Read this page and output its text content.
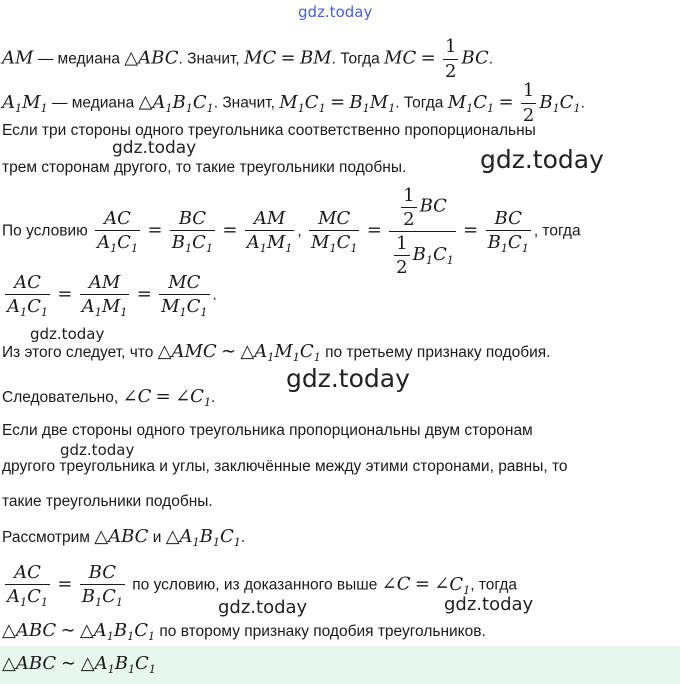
gdz.today
gdz.today	gdz.today
gdz.today
gdz.today
gdz.today
gdz.today	gdz.today
AM — медиана △ABC. Значит, MC = BM. Тогда MC = $\frac{1}{2}$ BC.
$A_1M_1$ — медиана $\triangle A_1B_1C_1$. Значит, $M_1C_1 = B_1M_1$. Тогда $M_1C_1 = \frac{1}{2} B_1C_1$.
Если три стороны одного треугольника соответственно пропорциональны
трем сторонам другого, то такие треугольники подобны.
По условию $\frac{AC}{A_1C_1} = \frac{BC}{B_1C_1} = \frac{AM}{A_1M_1}$ , $\frac{MC}{M_1C_1} = \frac{\frac{1}{2} BC}{\frac{1}{2} B_1C_1} = \frac{BC}{B_1C_1}$ , тогда
$\frac{AC}{A_1C_1} = \frac{AM}{A_1M_1} = \frac{MC}{M_1C_1}$ .
Из этого следует, что △AMC ∼ $\triangle A_1M_1C_1$ по третьему признаку подобия.
Следовательно, ∠C = $\angle C_1$.
Если две стороны одного треугольника пропорциональны двум сторонам
другого треугольника и углы, заключённые между этими сторонами, равны, то
такие треугольники подобны.
Рассмотрим △ABC и $\triangle A_1B_1C_1$.
$\frac{AC}{A_1C_1} = \frac{BC}{B_1C_1}$ по условию, из доказанного выше ∠C = $\angle C_1$, тогда
△ABC ∼ $\triangle A_1B_1C_1$ по второму признаку подобия треугольников.
△ABC ∼ $\triangle A_1B_1C_1$
